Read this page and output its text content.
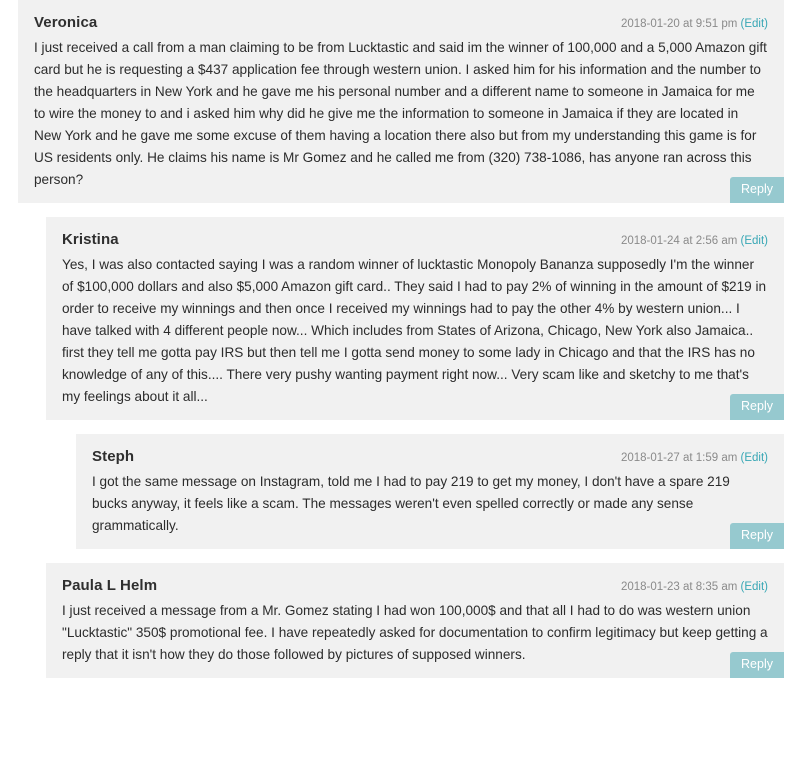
Veronica	2018-01-20 at 9:51 pm (Edit)

I just received a call from a man claiming to be from Lucktastic and said im the winner of 100,000 and a 5,000 Amazon gift card but he is requesting a $437 application fee through western union. I asked him for his information and the number to the headquarters in New York and he gave me his personal number and a different name to someone in Jamaica for me to wire the money to and i asked him why did he give me the information to someone in Jamaica if they are located in New York and he gave me some excuse of them having a location there also but from my understanding this game is for US residents only. He claims his name is Mr Gomez and he called me from (320) 738-1086, has anyone ran across this person?

Reply
Kristina	2018-01-24 at 2:56 am (Edit)

Yes, I was also contacted saying I was a random winner of lucktastic Monopoly Bananza supposedly I'm the winner of $100,000 dollars and also $5,000 Amazon gift card.. They said I had to pay 2% of winning in the amount of $219 in order to receive my winnings and then once I received my winnings had to pay the other 4% by western union... I have talked with 4 different people now... Which includes from States of Arizona, Chicago, New York also Jamaica.. first they tell me gotta pay IRS but then tell me I gotta send money to some lady in Chicago and that the IRS has no knowledge of any of this.... There very pushy wanting payment right now... Very scam like and sketchy to me that's my feelings about it all...

Reply
Steph	2018-01-27 at 1:59 am (Edit)

I got the same message on Instagram, told me I had to pay 219 to get my money, I don't have a spare 219 bucks anyway, it feels like a scam. The messages weren't even spelled correctly or made any sense grammatically.

Reply
Paula L Helm	2018-01-23 at 8:35 am (Edit)

I just received a message from a Mr. Gomez stating I had won 100,000$ and that all I had to do was western union "Lucktastic" 350$ promotional fee. I have repeatedly asked for documentation to confirm legitimacy but keep getting a reply that it isn't how they do those followed by pictures of supposed winners.

Reply
